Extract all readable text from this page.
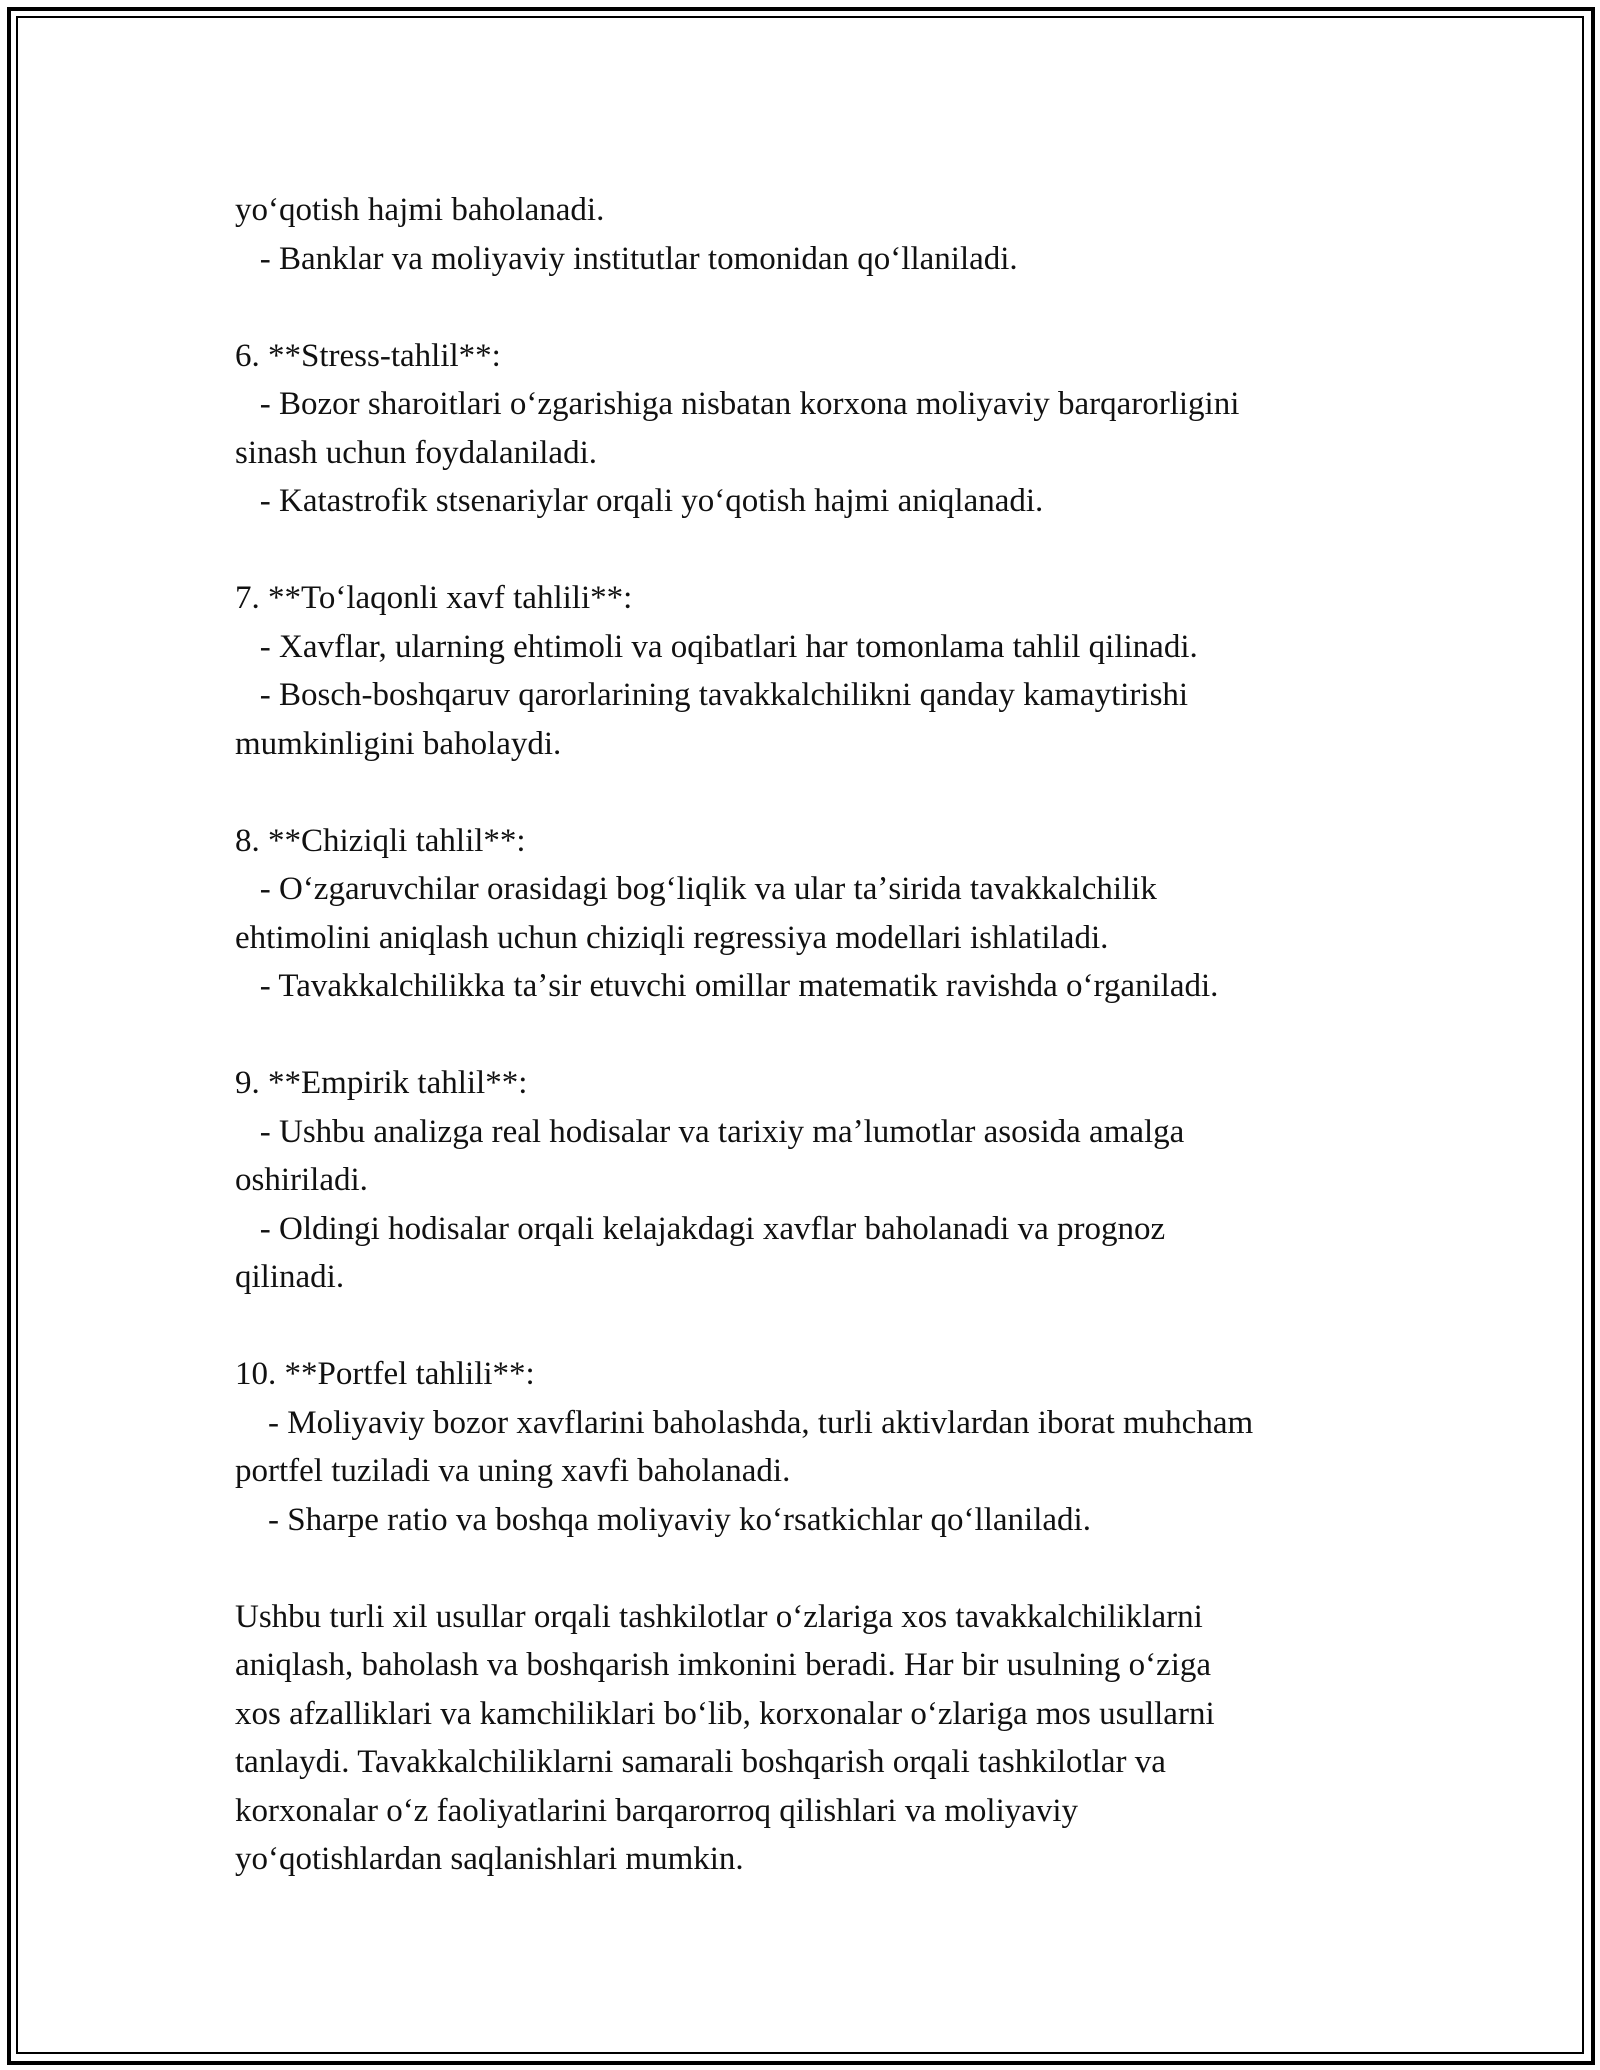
yoʻqotish hajmi baholanadi.
- Banklar va moliyaviy institutlar tomonidan qoʻllaniladi.
6. **Stress-tahlil**:
- Bozor sharoitlari oʻzgarishiga nisbatan korxona moliyaviy barqarorligini
sinash uchun foydalaniladi.
- Katastrofik stsenariylar orqali yoʻqotish hajmi aniqlanadi.
7. **Toʻlaqonli xavf tahlili**:
- Xavflar, ularning ehtimoli va oqibatlari har tomonlama tahlil qilinadi.
- Bosch-boshqaruv qarorlarining tavakkalchilikni qanday kamaytirishi
mumkinligini baholaydi.
8. **Chiziqli tahlil**:
- Oʻzgaruvchilar orasidagi bogʻliqlik va ular taʼsirida tavakkalchilik
ehtimolini aniqlash uchun chiziqli regressiya modellari ishlatiladi.
- Tavakkalchilikka taʼsir etuvchi omillar matematik ravishda oʻrganiladi.
9. **Empirik tahlil**:
- Ushbu analizga real hodisalar va tarixiy maʼlumotlar asosida amalga
oshiriladi.
- Oldingi hodisalar orqali kelajakdagi xavflar baholanadi va prognoz
qilinadi.
10. **Portfel tahlili**:
- Moliyaviy bozor xavflarini baholashda, turli aktivlardan iborat muhcham
portfel tuziladi va uning xavfi baholanadi.
- Sharpe ratio va boshqa moliyaviy koʻrsatkichlar qoʻllaniladi.
Ushbu turli xil usullar orqali tashkilotlar oʻzlariga xos tavakkalchiliklarni
aniqlash, baholash va boshqarish imkonini beradi. Har bir usulning oʻziga
xos afzalliklari va kamchiliklari boʻlib, korxonalar oʻzlariga mos usullarni
tanlaydi. Tavakkalchiliklarni samarali boshqarish orqali tashkilotlar va
korxonalar oʻz faoliyatlarini barqarorroq qilishlari va moliyaviy
yoʻqotishlardan saqlanishlari mumkin.
